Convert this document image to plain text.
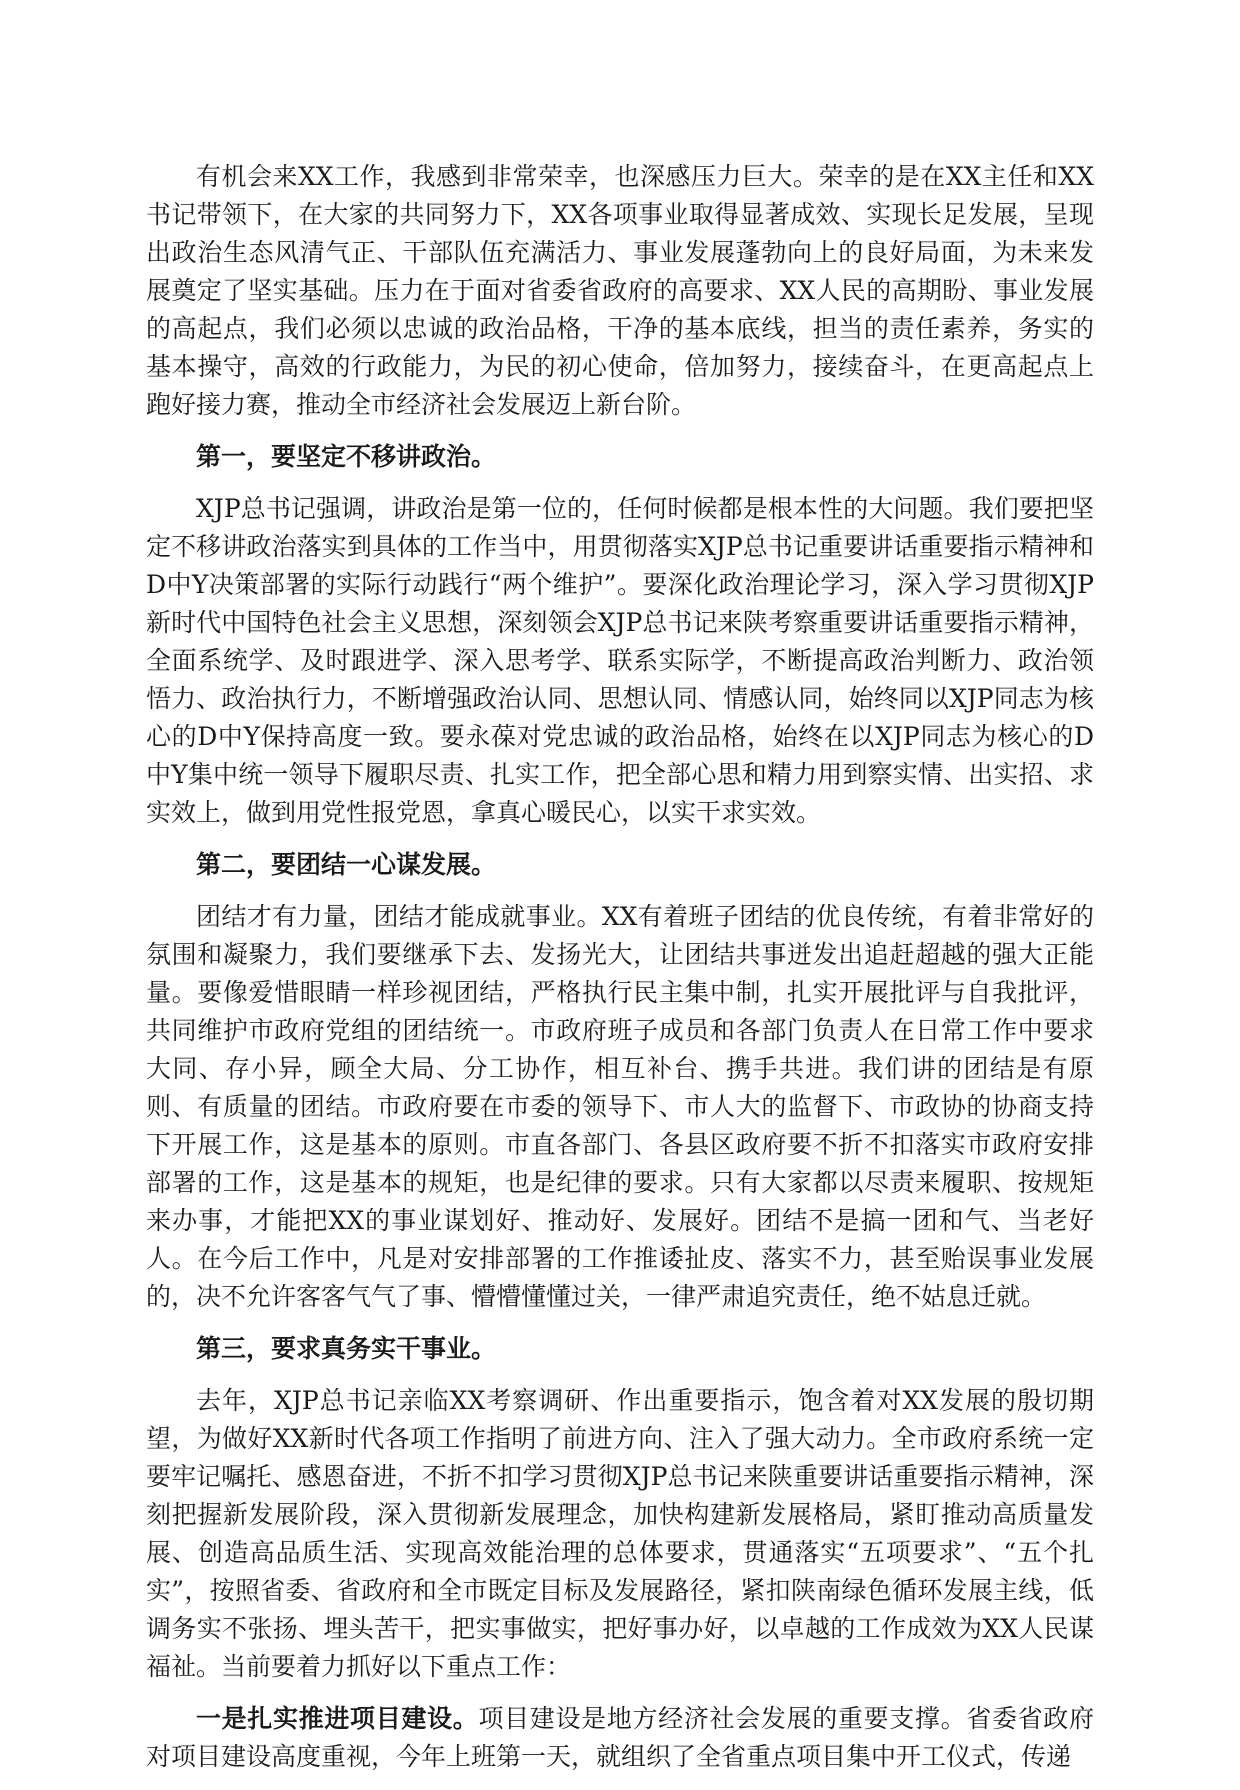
有机会来XX工作，我感到非常荣幸，也深感压力巨大。荣幸的是在XX主任和XX书记带领下，在大家的共同努力下，XX各项事业取得显著成效、实现长足发展，呈现出政治生态风清气正、干部队伍充满活力、事业发展蓬勃向上的良好局面，为未来发展奠定了坚实基础。压力在于面对省委省政府的高要求、XX人民的高期盼、事业发展的高起点，我们必须以忠诚的政治品格，干净的基本底线，担当的责任素养，务实的基本操守，高效的行政能力，为民的初心使命，倍加努力，接续奋斗，在更高起点上跑好接力赛，推动全市经济社会发展迈上新台阶。

第一，要坚定不移讲政治。

XJP总书记强调，讲政治是第一位的，任何时候都是根本性的大问题。我们要把坚定不移讲政治落实到具体的工作当中，用贯彻落实XJP总书记重要讲话重要指示精神和D中Y决策部署的实际行动践行“两个维护”。要深化政治理论学习，深入学习贯彻XJP新时代中国特色社会主义思想，深刻领会XJP总书记来陕考察重要讲话重要指示精神，全面系统学、及时跟进学、深入思考学、联系实际学，不断提高政治判断力、政治领悟力、政治执行力，不断增强政治认同、思想认同、情感认同，始终同以XJP同志为核心的D中Y保持高度一致。要永葆对党忠诚的政治品格，始终在以XJP同志为核心的D中Y集中统一领导下履职尽责、扎实工作，把全部心思和精力用到察实情、出实招、求实效上，做到用党性报党恩，拿真心暖民心，以实干求实效。

第二，要团结一心谋发展。

团结才有力量，团结才能成就事业。XX有着班子团结的优良传统，有着非常好的氛围和凝聚力，我们要继承下去、发扬光大，让团结共事迸发出追赶超越的强大正能量。要像爱惜眼睛一样珍视团结，严格执行民主集中制，扎实开展批评与自我批评，共同维护市政府党组的团结统一。市政府班子成员和各部门负责人在日常工作中要求大同、存小异，顾全大局、分工协作，相互补台、携手共进。我们讲的团结是有原则、有质量的团结。市政府要在市委的领导下、市人大的监督下、市政协的协商支持下开展工作，这是基本的原则。市直各部门、各县区政府要不折不扣落实市政府安排部署的工作，这是基本的规矩，也是纪律的要求。只有大家都以尽责来履职、按规矩来办事，才能把XX的事业谋划好、推动好、发展好。团结不是搞一团和气、当老好人。在今后工作中，凡是对安排部署的工作推诿扯皮、落实不力，甚至贻误事业发展的，决不允许客客气气了事、懵懵懂懂过关，一律严肃追究责任，绝不姑息迁就。

第三，要求真务实干事业。

去年，XJP总书记亲临XX考察调研、作出重要指示，饱含着对XX发展的殷切期望，为做好XX新时代各项工作指明了前进方向、注入了强大动力。全市政府系统一定要牢记嘱托、感恩奋进，不折不扣学习贯彻XJP总书记来陕重要讲话重要指示精神，深刻把握新发展阶段，深入贯彻新发展理念，加快构建新发展格局，紧盯推动高质量发展、创造高品质生活、实现高效能治理的总体要求，贯通落实“五项要求”、“五个扎实”，按照省委、省政府和全市既定目标及发展路径，紧扣陕南绿色循环发展主线，低调务实不张扬、埋头苦干，把实事做实，把好事办好，以卓越的工作成效为XX人民谋福祉。当前要着力抓好以下重点工作：

一是扎实推进项目建设。项目建设是地方经济社会发展的重要支撑。省委省政府对项目建设高度重视，今年上班第一天，就组织了全省重点项目集中开工仪式，传递
